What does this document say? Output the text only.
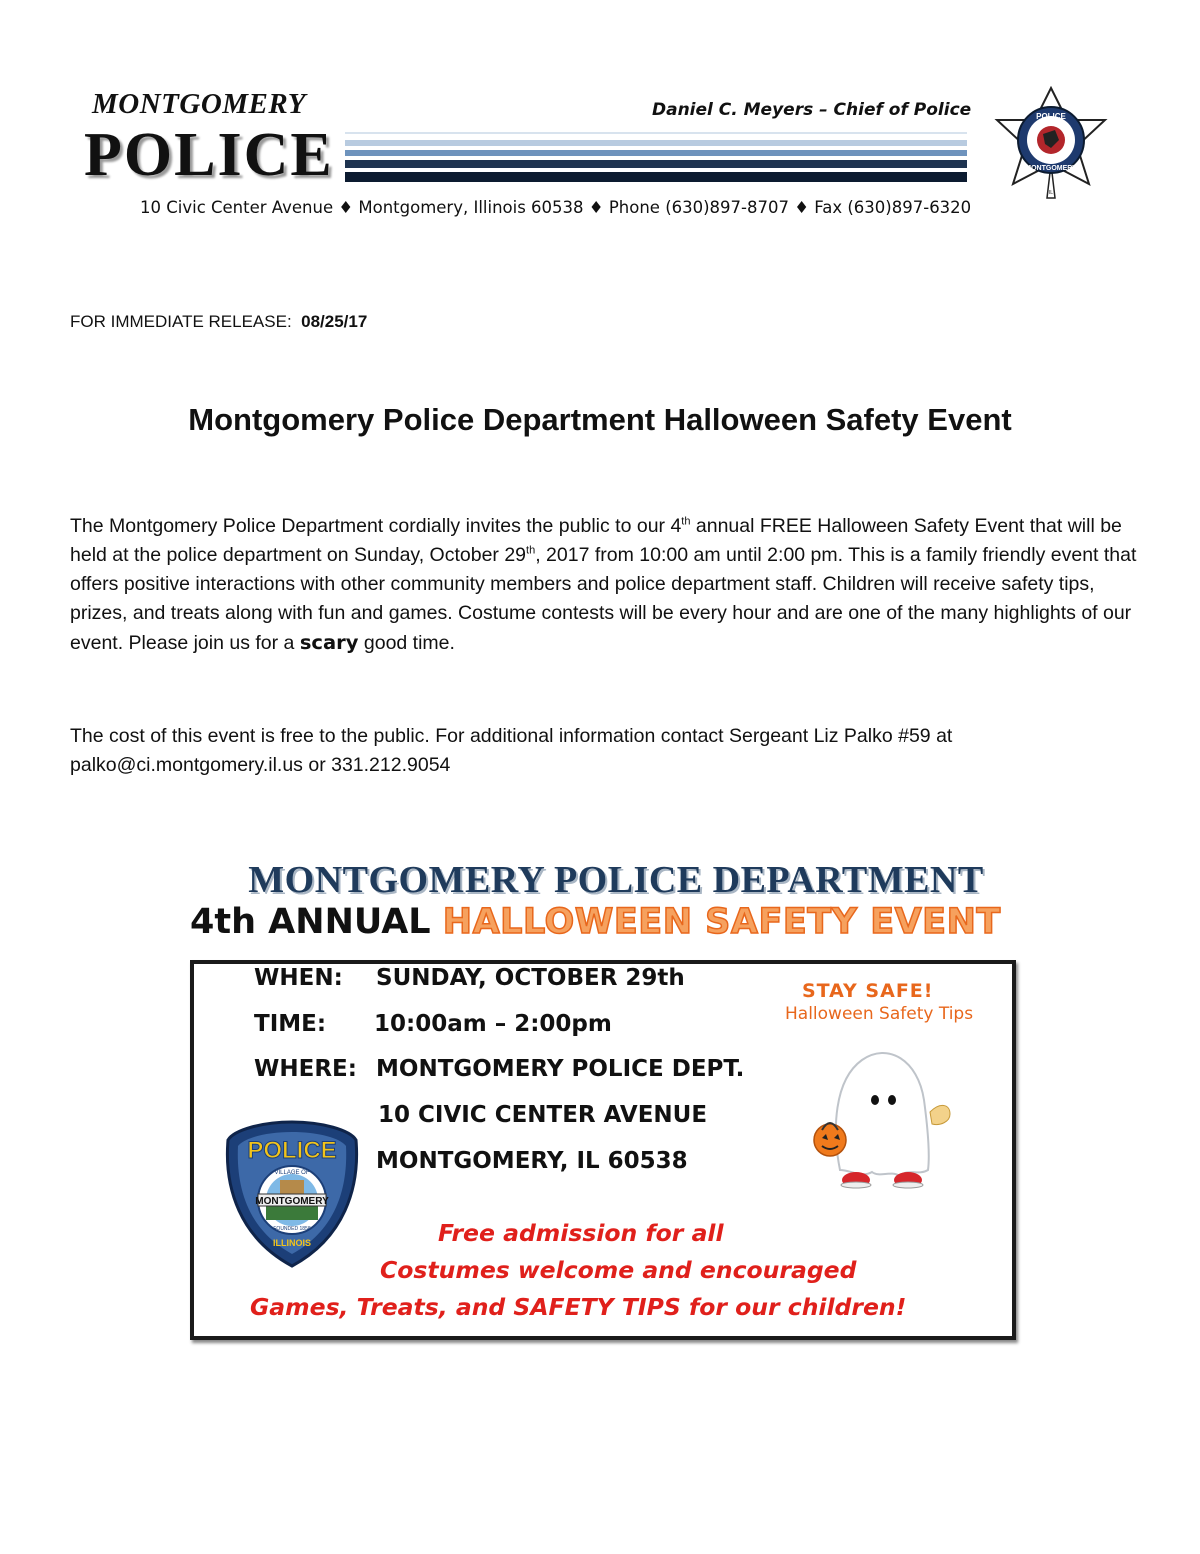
MONTGOMERY
POLICE
Daniel C. Meyers – Chief of Police
10 Civic Center Avenue ♦ Montgomery, Illinois 60538 ♦ Phone (630)897-8707 ♦ Fax (630)897-6320
POLICE
MONTGOMERY
IL
FOR IMMEDIATE RELEASE: 08/25/17
Montgomery Police Department Halloween Safety Event
The Montgomery Police Department cordially invites the public to our 4th annual FREE Halloween Safety Event that will be held at the police department on Sunday, October 29th, 2017 from 10:00 am until 2:00 pm. This is a family friendly event that offers positive interactions with other community members and police department staff. Children will receive safety tips, prizes, and treats along with fun and games. Costume contests will be every hour and are one of the many highlights of our event. Please join us for a scary good time.
The cost of this event is free to the public. For additional information contact Sergeant Liz Palko #59 at palko@ci.montgomery.il.us or 331.212.9054
MONTGOMERY POLICE DEPARTMENT
4th ANNUAL HALLOWEEN SAFETY EVENT
WHEN: SUNDAY, OCTOBER 29th
TIME: 10:00am – 2:00pm
WHERE: MONTGOMERY POLICE DEPT.
10 CIVIC CENTER AVENUE
MONTGOMERY, IL 60538
STAY SAFE!
Halloween Safety Tips
POLICE
VILLAGE OF
MONTGOMERY
FOUNDED 1858
ILLINOIS	Free admission for all
Costumes welcome and encouraged
Games, Treats, and SAFETY TIPS for our children!
